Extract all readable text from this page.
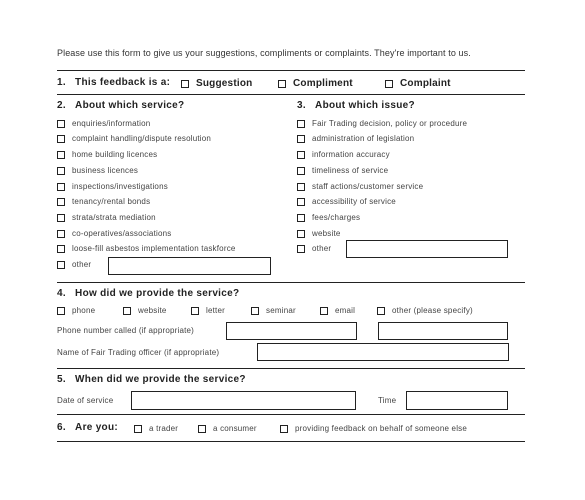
Please use this form to give us your suggestions, compliments or complaints. They're important to us.
1. This feedback is a:	Suggestion	Compliment	Complaint
2. About which service?
enquiries/information
complaint handling/dispute resolution
home building licences
business licences
inspections/investigations
tenancy/rental bonds
strata/strata mediation
co-operatives/associations
loose-fill asbestos implementation taskforce
other
3. About which issue?
Fair Trading decision, policy or procedure
administration of legislation
information accuracy
timeliness of service
staff actions/customer service
accessibility of service
fees/charges
website
other
4. How did we provide the service?
phone	website	letter	seminar	email	other (please specify)
Phone number called (if appropriate)
Name of Fair Trading officer (if appropriate)
5. When did we provide the service?
Date of service	Time
6. Are you:	a trader	a consumer	providing feedback on behalf of someone else
